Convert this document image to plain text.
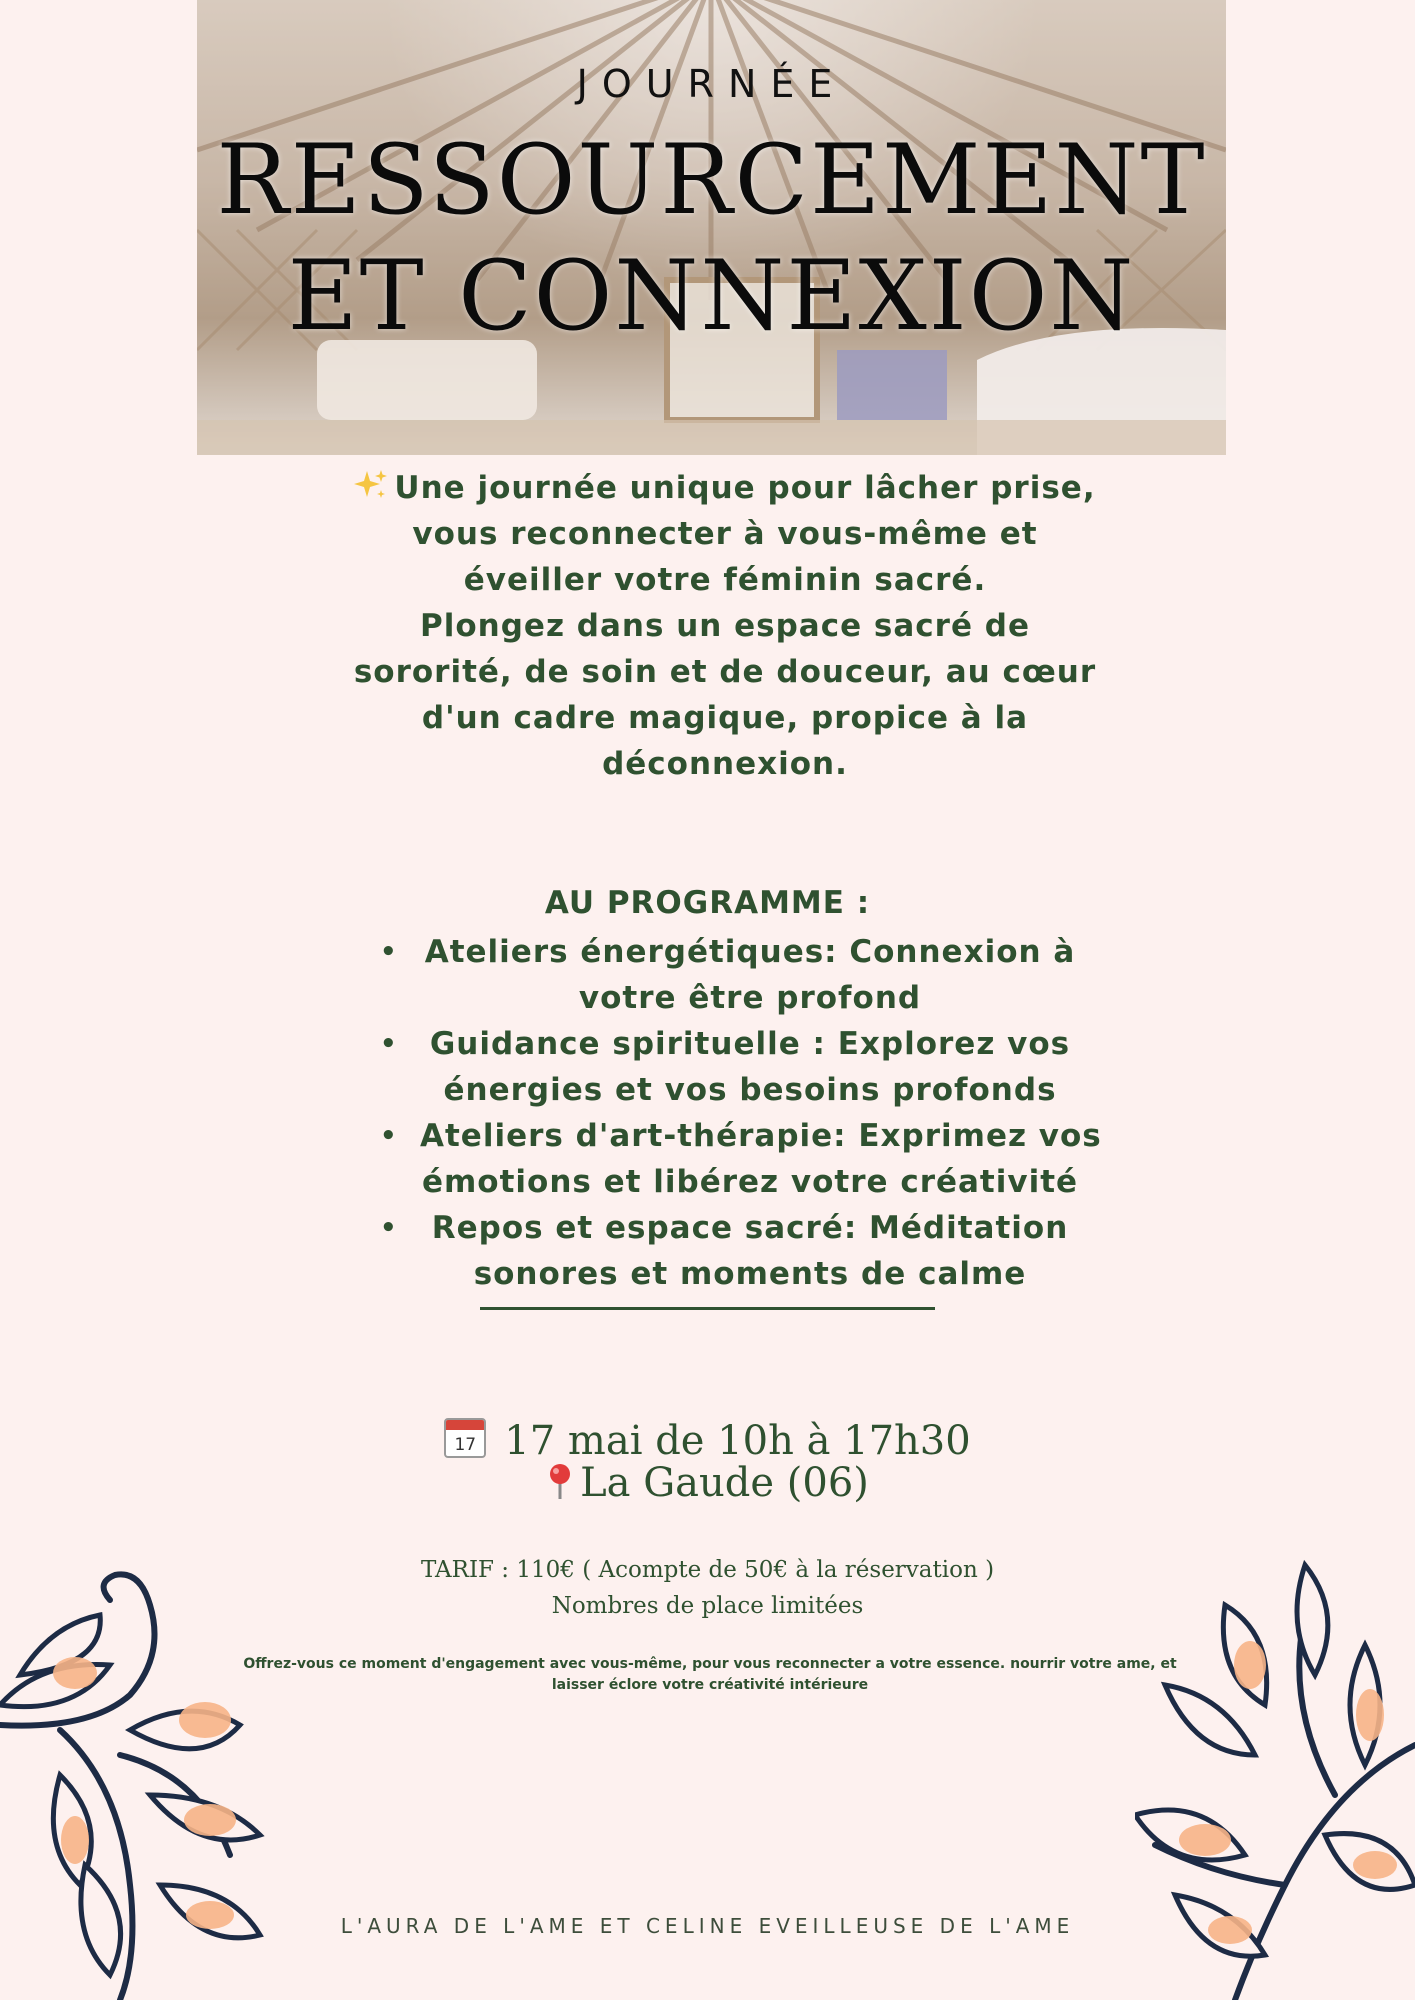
JOURNÉE
RESSOURCEMENT
ET CONNEXION
Une journée unique pour lâcher prise,
vous reconnecter à vous-même et
éveiller votre féminin sacré.
Plongez dans un espace sacré de
sororité, de soin et de douceur, au cœur
d'un cadre magique, propice à la
déconnexion.
AU PROGRAMME :
• Ateliers énergétiques: Connexion à
votre être profond
•	Guidance spirituelle : Explorez vos
énergies et vos besoins profonds
• Ateliers d'art-thérapie: Exprimez vos
émotions et libérez votre créativité
•	Repos et espace sacré: Méditation
sonores et moments de calme
17 17 mai de 10h à 17h30
La Gaude (06)
TARIF : 110€ ( Acompte de 50€ à la réservation )
Nombres de place limitées
Offrez-vous ce moment d'engagement avec vous-même, pour vous reconnecter a votre essence. nourrir votre ame, et
laisser éclore votre créativité intérieure
L'AURA DE L'AME ET CELINE EVEILLEUSE DE L'AME
